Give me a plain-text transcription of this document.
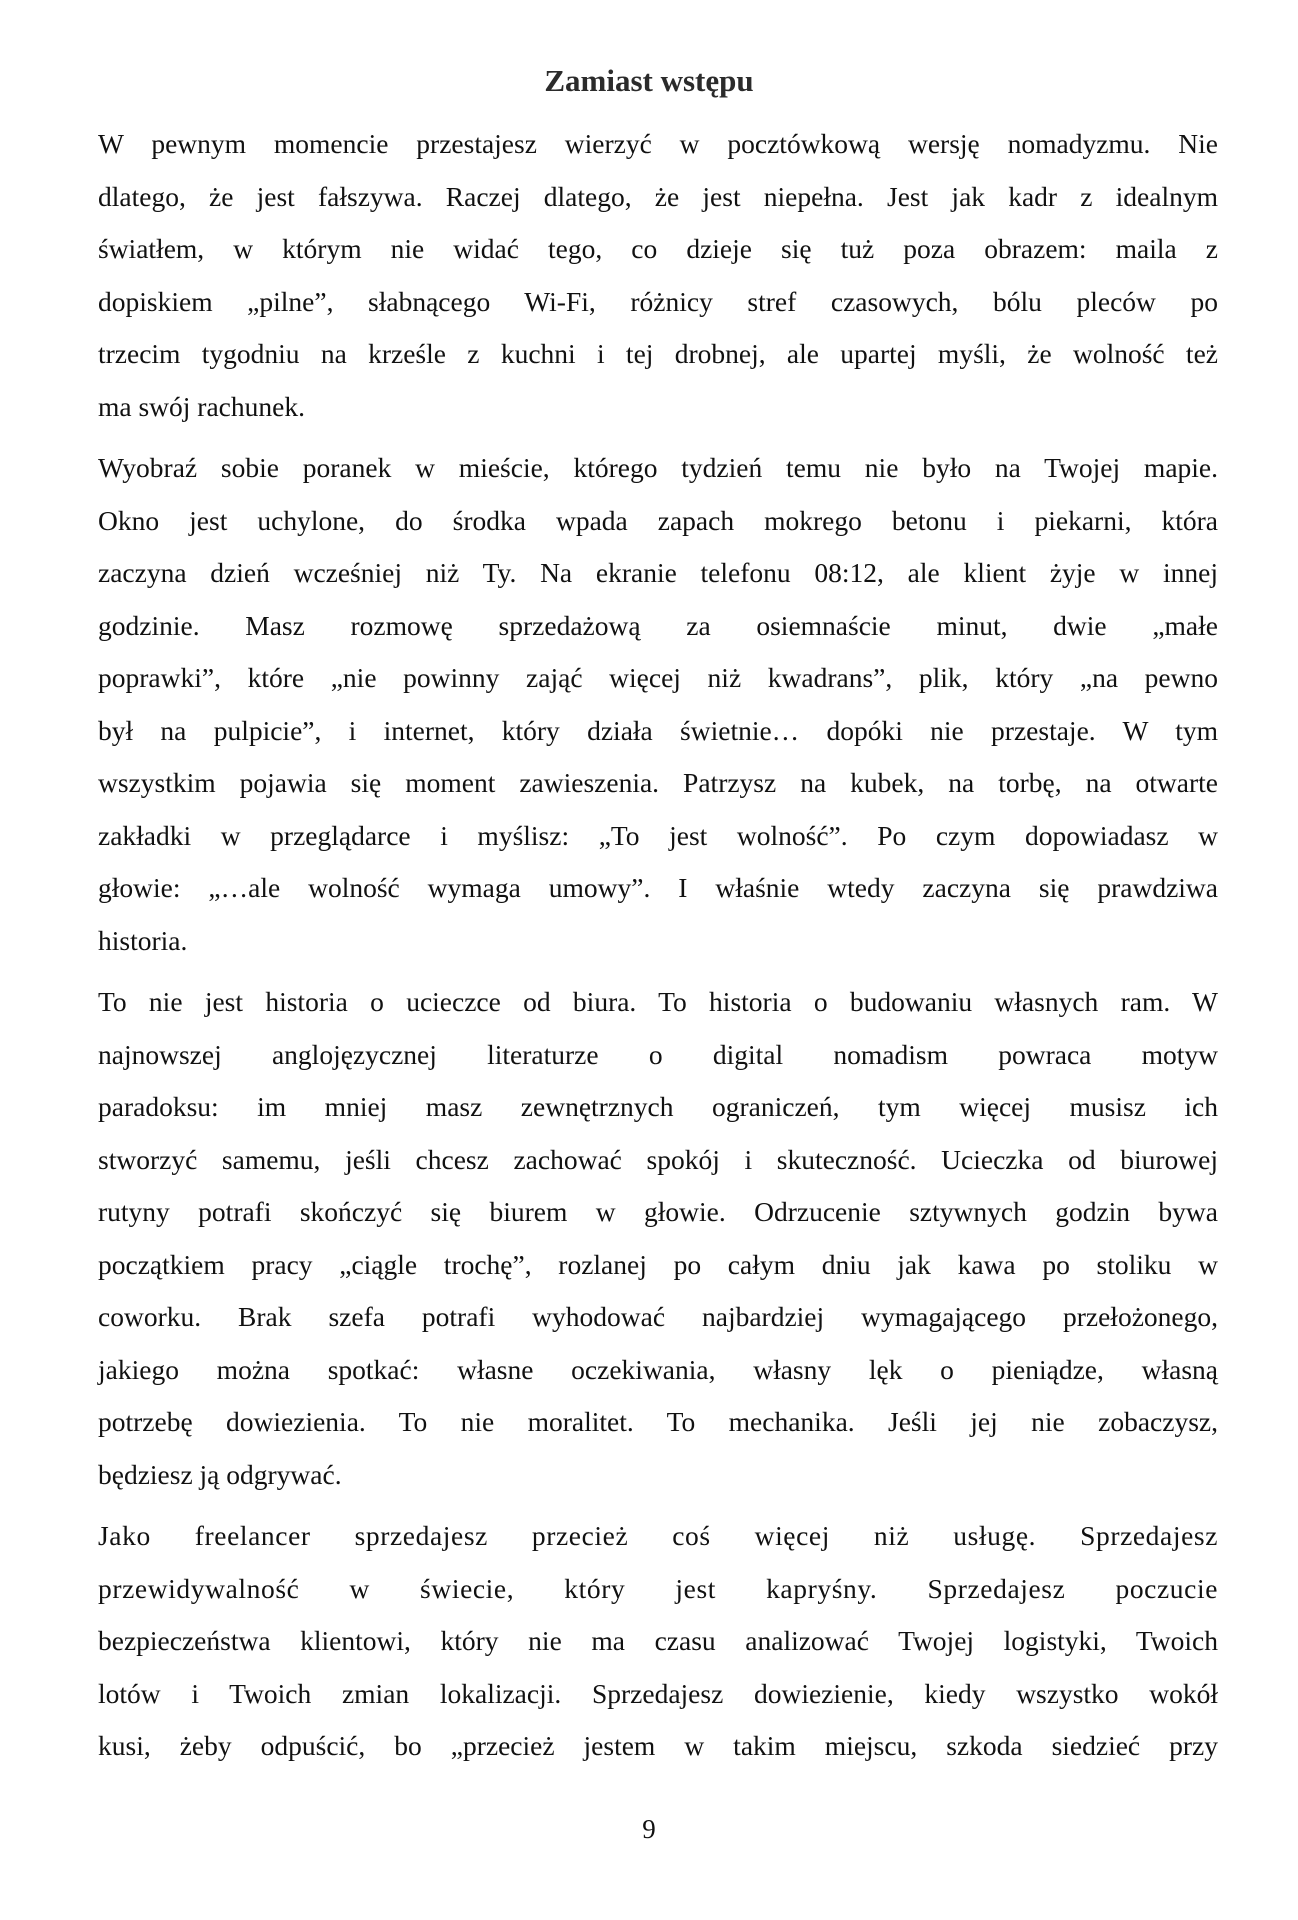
Zamiast wstępu

W pewnym momencie przestajesz wierzyć w pocztówkową wersję nomadyzmu. Nie
dlatego, że jest fałszywa. Raczej dlatego, że jest niepełna. Jest jak kadr z idealnym
światłem, w którym nie widać tego, co dzieje się tuż poza obrazem: maila z
dopiskiem „pilne”, słabnącego Wi-Fi, różnicy stref czasowych, bólu pleców po
trzecim tygodniu na krześle z kuchni i tej drobnej, ale upartej myśli, że wolność też
ma swój rachunek.

Wyobraź sobie poranek w mieście, którego tydzień temu nie było na Twojej mapie.
Okno jest uchylone, do środka wpada zapach mokrego betonu i piekarni, która
zaczyna dzień wcześniej niż Ty. Na ekranie telefonu 08:12, ale klient żyje w innej
godzinie. Masz rozmowę sprzedażową za osiemnaście minut, dwie „małe
poprawki”, które „nie powinny zająć więcej niż kwadrans”, plik, który „na pewno
był na pulpicie”, i internet, który działa świetnie… dopóki nie przestaje. W tym
wszystkim pojawia się moment zawieszenia. Patrzysz na kubek, na torbę, na otwarte
zakładki w przeglądarce i myślisz: „To jest wolność”. Po czym dopowiadasz w
głowie: „…ale wolność wymaga umowy”. I właśnie wtedy zaczyna się prawdziwa
historia.

To nie jest historia o ucieczce od biura. To historia o budowaniu własnych ram. W
najnowszej anglojęzycznej literaturze o digital nomadism powraca motyw
paradoksu: im mniej masz zewnętrznych ograniczeń, tym więcej musisz ich
stworzyć samemu, jeśli chcesz zachować spokój i skuteczność. Ucieczka od biurowej
rutyny potrafi skończyć się biurem w głowie. Odrzucenie sztywnych godzin bywa
początkiem pracy „ciągle trochę”, rozlanej po całym dniu jak kawa po stoliku w
coworku. Brak szefa potrafi wyhodować najbardziej wymagającego przełożonego,
jakiego można spotkać: własne oczekiwania, własny lęk o pieniądze, własną
potrzebę dowiezienia. To nie moralitet. To mechanika. Jeśli jej nie zobaczysz,
będziesz ją odgrywać.

Jako freelancer sprzedajesz przecież coś więcej niż usługę. Sprzedajesz
przewidywalność w świecie, który jest kapryśny. Sprzedajesz poczucie
bezpieczeństwa klientowi, który nie ma czasu analizować Twojej logistyki, Twoich
lotów i Twoich zmian lokalizacji. Sprzedajesz dowiezienie, kiedy wszystko wokół
kusi, żeby odpuścić, bo „przecież jestem w takim miejscu, szkoda siedzieć przy

9
